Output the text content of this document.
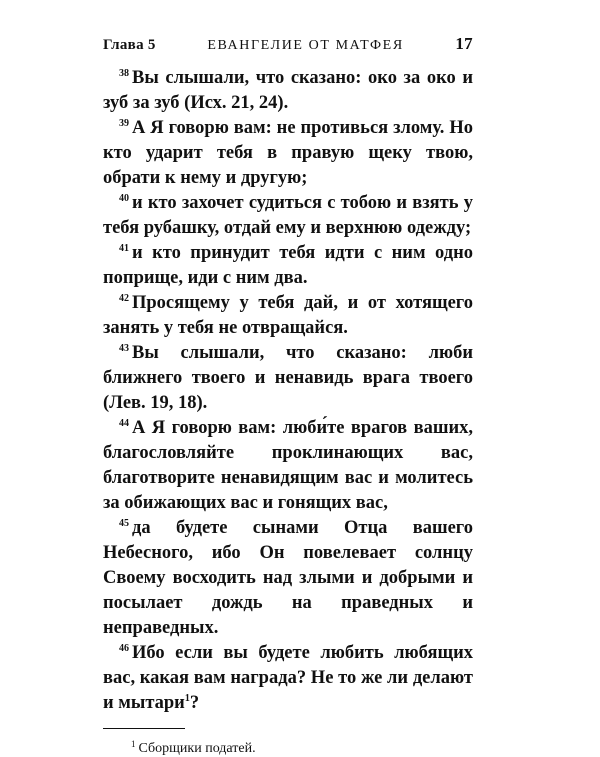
Глава 5	ЕВАНГЕЛИЕ ОТ МАТФЕЯ	17

$^{38}$ Вы слышали, что сказано: око за око и зуб за зуб (Исх. 21, 24).

$^{39}$ А Я говорю вам: не противься злому. Но кто ударит тебя в правую щеку твою, обрати к нему и другую;

$^{40}$ и кто захочет судиться с тобою и взять у тебя рубашку, отдай ему и верхнюю одежду;

$^{41}$ и кто принудит тебя идти с ним одно поприще, иди с ним два.

$^{42}$ Просящему у тебя дай, и от хотящего занять у тебя не отвращайся.

$^{43}$ Вы слышали, что сказано: люби ближнего твоего и ненавидь врага твоего (Лев. 19, 18).

$^{44}$ А Я говорю вам: люби́те врагов ваших, благословляйте проклинающих вас, благотворите ненавидящим вас и молитесь за обижающих вас и гонящих вас,

$^{45}$ да будете сынами Отца вашего Небесного, ибо Он повелевает солнцу Своему восходить над злыми и добрыми и посылает дождь на праведных и неправедных.

$^{46}$ Ибо если вы будете любить любящих вас, какая вам награда? Не то же ли делают и мытари$^1$?

$^1$ Сборщики податей.
